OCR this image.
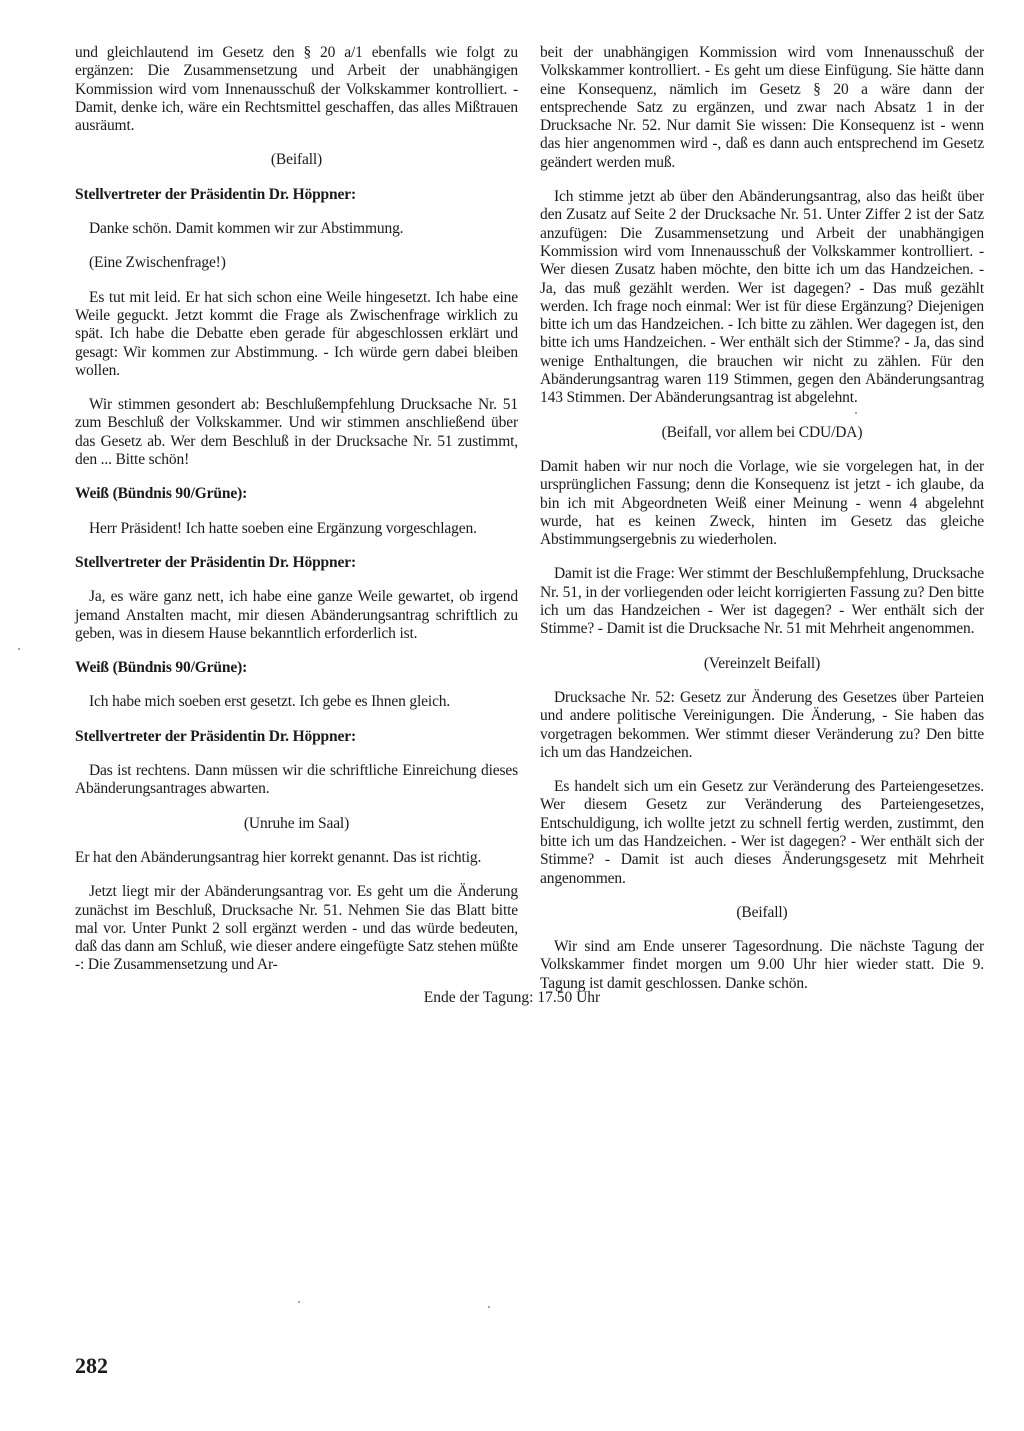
und gleichlautend im Gesetz den § 20 a/1 ebenfalls wie folgt zu ergänzen: Die Zusammensetzung und Arbeit der unabhängigen Kommission wird vom Innenausschuß der Volkskammer kontrolliert. - Damit, denke ich, wäre ein Rechtsmittel geschaffen, das alles Mißtrauen ausräumt.

(Beifall)

Stellvertreter der Präsidentin Dr. Höppner:

Danke schön. Damit kommen wir zur Abstimmung.

(Eine Zwischenfrage!)

Es tut mit leid. Er hat sich schon eine Weile hingesetzt. Ich habe eine Weile geguckt. Jetzt kommt die Frage als Zwischenfrage wirklich zu spät. Ich habe die Debatte eben gerade für abgeschlossen erklärt und gesagt: Wir kommen zur Abstimmung. - Ich würde gern dabei bleiben wollen.

Wir stimmen gesondert ab: Beschlußempfehlung Drucksache Nr. 51 zum Beschluß der Volkskammer. Und wir stimmen anschließend über das Gesetz ab. Wer dem Beschluß in der Drucksache Nr. 51 zustimmt, den ... Bitte schön!

Weiß (Bündnis 90/Grüne):

Herr Präsident! Ich hatte soeben eine Ergänzung vorgeschlagen.

Stellvertreter der Präsidentin Dr. Höppner:

Ja, es wäre ganz nett, ich habe eine ganze Weile gewartet, ob irgend jemand Anstalten macht, mir diesen Abänderungsantrag schriftlich zu geben, was in diesem Hause bekanntlich erforderlich ist.

Weiß (Bündnis 90/Grüne):

Ich habe mich soeben erst gesetzt. Ich gebe es Ihnen gleich.

Stellvertreter der Präsidentin Dr. Höppner:

Das ist rechtens. Dann müssen wir die schriftliche Einreichung dieses Abänderungsantrages abwarten.

(Unruhe im Saal)

Er hat den Abänderungsantrag hier korrekt genannt. Das ist richtig.

Jetzt liegt mir der Abänderungsantrag vor. Es geht um die Änderung zunächst im Beschluß, Drucksache Nr. 51. Nehmen Sie das Blatt bitte mal vor. Unter Punkt 2 soll ergänzt werden - und das würde bedeuten, daß das dann am Schluß, wie dieser andere eingefügte Satz stehen müßte -: Die Zusammensetzung und Ar-

beit der unabhängigen Kommission wird vom Innenausschuß der Volkskammer kontrolliert. - Es geht um diese Einfügung. Sie hätte dann eine Konsequenz, nämlich im Gesetz § 20 a wäre dann der entsprechende Satz zu ergänzen, und zwar nach Absatz 1 in der Drucksache Nr. 52. Nur damit Sie wissen: Die Konsequenz ist - wenn das hier angenommen wird -, daß es dann auch entsprechend im Gesetz geändert werden muß.

Ich stimme jetzt ab über den Abänderungsantrag, also das heißt über den Zusatz auf Seite 2 der Drucksache Nr. 51. Unter Ziffer 2 ist der Satz anzufügen: Die Zusammensetzung und Arbeit der unabhängigen Kommission wird vom Innenausschuß der Volkskammer kontrolliert. - Wer diesen Zusatz haben möchte, den bitte ich um das Handzeichen. - Ja, das muß gezählt werden. Wer ist dagegen? - Das muß gezählt werden. Ich frage noch einmal: Wer ist für diese Ergänzung? Diejenigen bitte ich um das Handzeichen. - Ich bitte zu zählen. Wer dagegen ist, den bitte ich ums Handzeichen. - Wer enthält sich der Stimme? - Ja, das sind wenige Enthaltungen, die brauchen wir nicht zu zählen. Für den Abänderungsantrag waren 119 Stimmen, gegen den Abänderungsantrag 143 Stimmen. Der Abänderungsantrag ist abgelehnt.

(Beifall, vor allem bei CDU/DA)

Damit haben wir nur noch die Vorlage, wie sie vorgelegen hat, in der ursprünglichen Fassung; denn die Konsequenz ist jetzt - ich glaube, da bin ich mit Abgeordneten Weiß einer Meinung - wenn 4 abgelehnt wurde, hat es keinen Zweck, hinten im Gesetz das gleiche Abstimmungsergebnis zu wiederholen.

Damit ist die Frage: Wer stimmt der Beschlußempfehlung, Drucksache Nr. 51, in der vorliegenden oder leicht korrigierten Fassung zu? Den bitte ich um das Handzeichen - Wer ist dagegen? - Wer enthält sich der Stimme? - Damit ist die Drucksache Nr. 51 mit Mehrheit angenommen.

(Vereinzelt Beifall)

Drucksache Nr. 52: Gesetz zur Änderung des Gesetzes über Parteien und andere politische Vereinigungen. Die Änderung, - Sie haben das vorgetragen bekommen. Wer stimmt dieser Veränderung zu? Den bitte ich um das Handzeichen.

Es handelt sich um ein Gesetz zur Veränderung des Parteiengesetzes. Wer diesem Gesetz zur Veränderung des Parteiengesetzes, Entschuldigung, ich wollte jetzt zu schnell fertig werden, zustimmt, den bitte ich um das Handzeichen. - Wer ist dagegen? - Wer enthält sich der Stimme? - Damit ist auch dieses Änderungsgesetz mit Mehrheit angenommen.

(Beifall)

Wir sind am Ende unserer Tagesordnung. Die nächste Tagung der Volkskammer findet morgen um 9.00 Uhr hier wieder statt. Die 9. Tagung ist damit geschlossen. Danke schön.

Ende der Tagung: 17.50 Uhr
282
